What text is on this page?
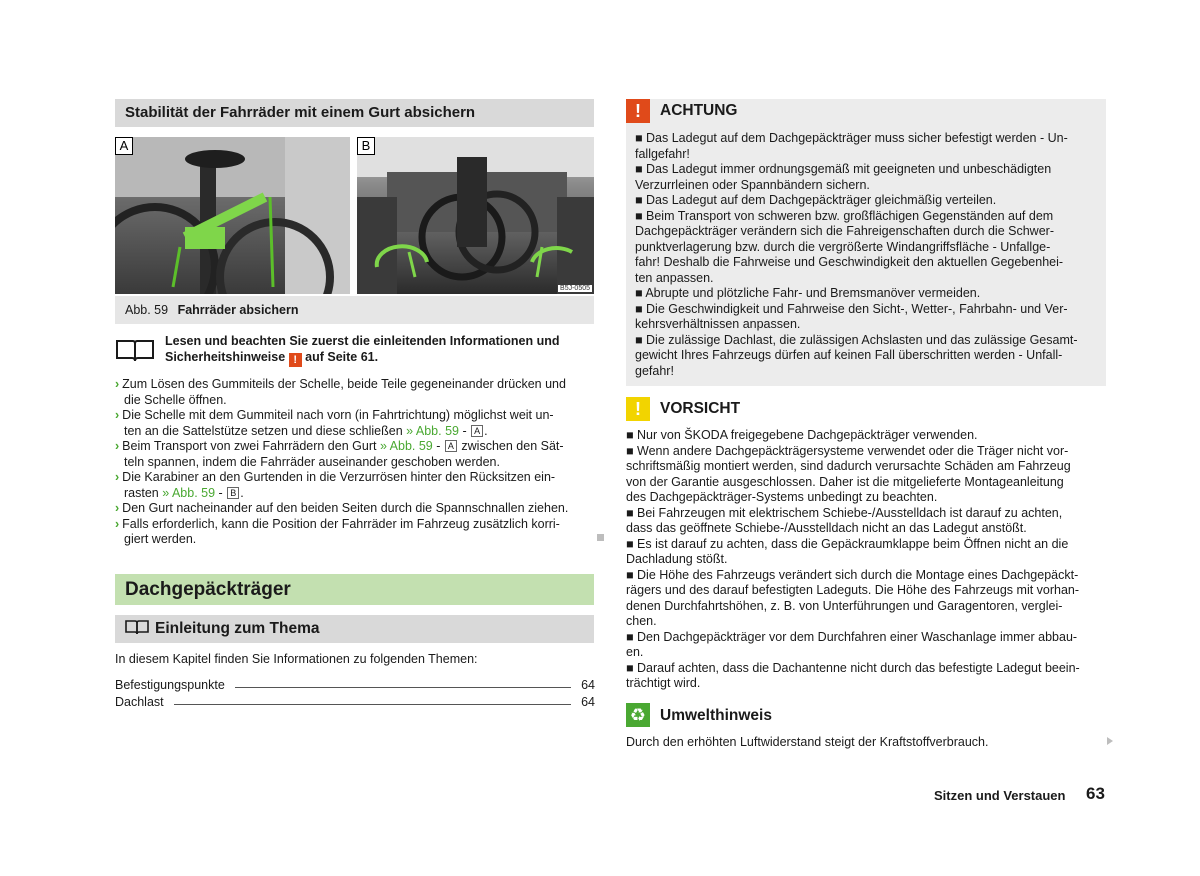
Stabilität der Fahrräder mit einem Gurt absichern
A	B
B5J-0505
Abb. 59 Fahrräder absichern
Lesen und beachten Sie zuerst die einleitenden Informationen und
Sicherheitshinweise ! auf Seite 61.
› Zum Lösen des Gummiteils der Schelle, beide Teile gegeneinander drücken und
die Schelle öffnen.
› Die Schelle mit dem Gummiteil nach vorn (in Fahrtrichtung) möglichst weit un-
ten an die Sattelstütze setzen und diese schließen » Abb. 59 - A .
› Beim Transport von zwei Fahrrädern den Gurt » Abb. 59 - A zwischen den Sät-
teln spannen, indem die Fahrräder auseinander geschoben werden.
› Die Karabiner an den Gurtenden in die Verzurrösen hinter den Rücksitzen ein-
rasten » Abb. 59 - B .
› Den Gurt nacheinander auf den beiden Seiten durch die Spannschnallen ziehen.
› Falls erforderlich, kann die Position der Fahrräder im Fahrzeug zusätzlich korri-
giert werden.
Dachgepäckträger
Einleitung zum Thema
In diesem Kapitel finden Sie Informationen zu folgenden Themen:
Befestigungspunkte	64
Dachlast	64
!	ACHTUNG
■ Das Ladegut auf dem Dachgepäckträger muss sicher befestigt werden - Un-
fallgefahr!
■ Das Ladegut immer ordnungsgemäß mit geeigneten und unbeschädigten
Verzurrleinen oder Spannbändern sichern.
■ Das Ladegut auf dem Dachgepäckträger gleichmäßig verteilen.
■ Beim Transport von schweren bzw. großflächigen Gegenständen auf dem
Dachgepäckträger verändern sich die Fahreigenschaften durch die Schwer-
punktverlagerung bzw. durch die vergrößerte Windangriffsfläche - Unfallge-
fahr! Deshalb die Fahrweise und Geschwindigkeit den aktuellen Gegebenhei-
ten anpassen.
■ Abrupte und plötzliche Fahr- und Bremsmanöver vermeiden.
■ Die Geschwindigkeit und Fahrweise den Sicht-, Wetter-, Fahrbahn- und Ver-
kehrsverhältnissen anpassen.
■ Die zulässige Dachlast, die zulässigen Achslasten und das zulässige Gesamt-
gewicht Ihres Fahrzeugs dürfen auf keinen Fall überschritten werden - Unfall-
gefahr!
!	VORSICHT
■ Nur von ŠKODA freigegebene Dachgepäckträger verwenden.
■ Wenn andere Dachgepäckträgersysteme verwendet oder die Träger nicht vor-
schriftsmäßig montiert werden, sind dadurch verursachte Schäden am Fahrzeug
von der Garantie ausgeschlossen. Daher ist die mitgelieferte Montageanleitung
des Dachgepäckträger-Systems unbedingt zu beachten.
■ Bei Fahrzeugen mit elektrischem Schiebe-/Ausstelldach ist darauf zu achten,
dass das geöffnete Schiebe-/Ausstelldach nicht an das Ladegut anstößt.
■ Es ist darauf zu achten, dass die Gepäckraumklappe beim Öffnen nicht an die
Dachladung stößt.
■ Die Höhe des Fahrzeugs verändert sich durch die Montage eines Dachgepäckt-
rägers und des darauf befestigten Ladeguts. Die Höhe des Fahrzeugs mit vorhan-
denen Durchfahrtshöhen, z. B. von Unterführungen und Garagentoren, verglei-
chen.
■ Den Dachgepäckträger vor dem Durchfahren einer Waschanlage immer abbau-
en.
■ Darauf achten, dass die Dachantenne nicht durch das befestigte Ladegut beein-
trächtigt wird.
♻ Umwelthinweis
Durch den erhöhten Luftwiderstand steigt der Kraftstoffverbrauch.
Sitzen und Verstauen 63
